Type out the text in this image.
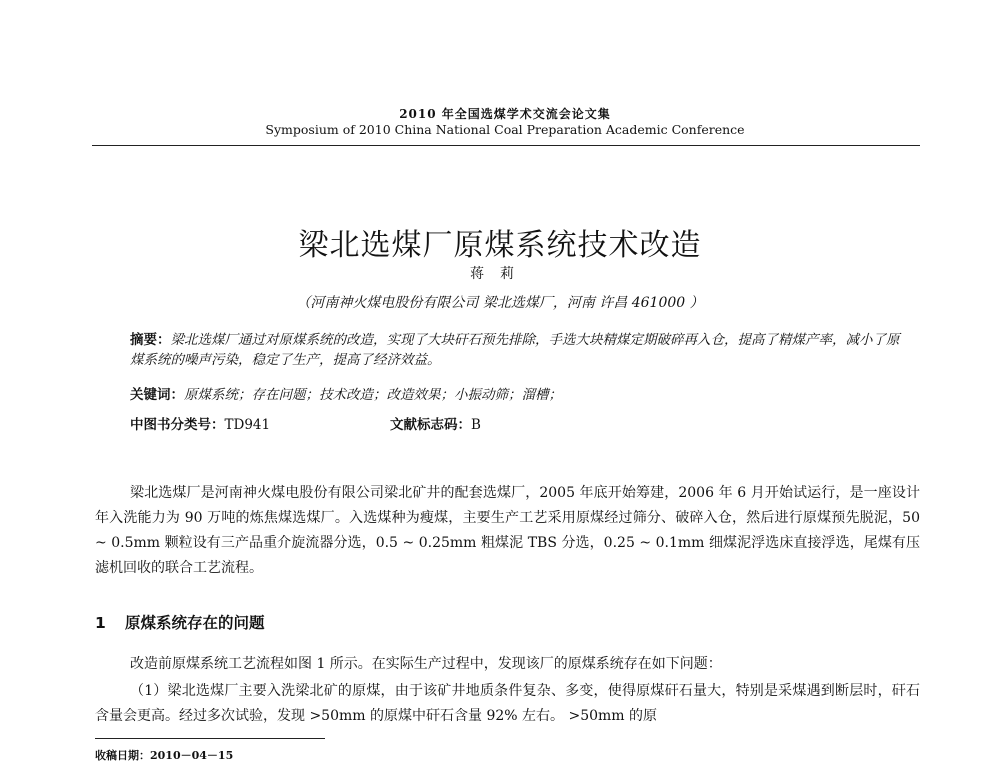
2010 年全国选煤学术交流会论文集
Symposium of 2010 China National Coal Preparation Academic Conference
梁北选煤厂原煤系统技术改造
蒋莉
（河南神火煤电股份有限公司 梁北选煤厂，河南 许昌 461000 ）
摘要：梁北选煤厂通过对原煤系统的改造，实现了大块矸石预先排除，手选大块精煤定期破碎再入仓，提高了精煤产率，减小了原煤系统的噪声污染，稳定了生产，提高了经济效益。
关键词：原煤系统；存在问题；技术改造；改造效果；小振动筛；溜槽；
中图书分类号：TD941	文献标志码：B

梁北选煤厂是河南神火煤电股份有限公司梁北矿井的配套选煤厂，2005 年底开始筹建，2006 年 6 月开始试运行，是一座设计年入洗能力为 90 万吨的炼焦煤选煤厂。入选煤种为瘦煤，主要生产工艺采用原煤经过筛分、破碎入仓，然后进行原煤预先脱泥，50 ~ 0.5mm 颗粒设有三产品重介旋流器分选，0.5 ~ 0.25mm 粗煤泥 TBS 分选，0.25 ~ 0.1mm 细煤泥浮选床直接浮选，尾煤有压滤机回收的联合工艺流程。

1 原煤系统存在的问题

改造前原煤系统工艺流程如图 1 所示。在实际生产过程中，发现该厂的原煤系统存在如下问题：

（1）梁北选煤厂主要入洗梁北矿的原煤，由于该矿井地质条件复杂、多变，使得原煤矸石量大，特别是采煤遇到断层时，矸石含量会更高。经过多次试验，发现 >50mm 的原煤中矸石含量 92% 左右。 >50mm 的原

收稿日期：2010－04－15
